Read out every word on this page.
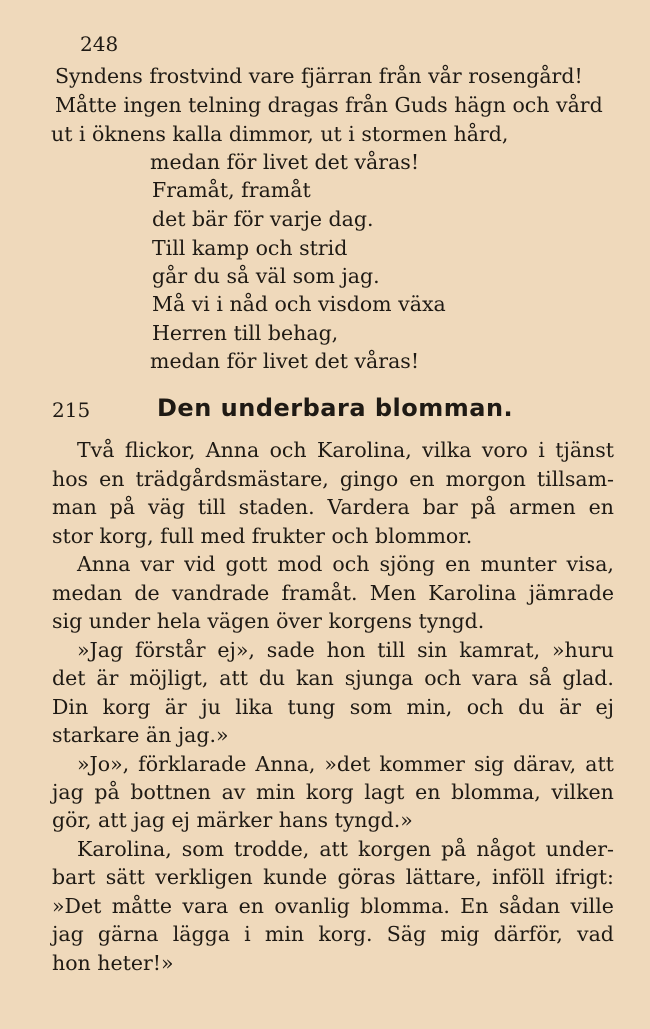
248
Syndens frostvind vare fjärran från vår rosengård!
Måtte ingen telning dragas från Guds hägn och vård
ut i öknens kalla dimmor, ut i stormen hård,
medan för livet det våras!
Framåt, framåt
det bär för varje dag.
Till kamp och strid
går du så väl som jag.
Må vi i nåd och visdom växa
Herren till behag,
medan för livet det våras!
215	Den underbara blomman.
Två flickor, Anna och Karolina, vilka voro i tjänst
hos en trädgårdsmästare, gingo en morgon tillsam-
man på väg till staden. Vardera bar på armen en
stor korg, full med frukter och blommor.
Anna var vid gott mod och sjöng en munter visa,
medan de vandrade framåt. Men Karolina jämrade
sig under hela vägen över korgens tyngd.
»Jag förstår ej», sade hon till sin kamrat, »huru
det är möjligt, att du kan sjunga och vara så glad.
Din korg är ju lika tung som min, och du är ej
starkare än jag.»
»Jo», förklarade Anna, »det kommer sig därav, att
jag på bottnen av min korg lagt en blomma, vilken
gör, att jag ej märker hans tyngd.»
Karolina, som trodde, att korgen på något under-
bart sätt verkligen kunde göras lättare, inföll ifrigt:
»Det måtte vara en ovanlig blomma. En sådan ville
jag gärna lägga i min korg. Säg mig därför, vad
hon heter!»
